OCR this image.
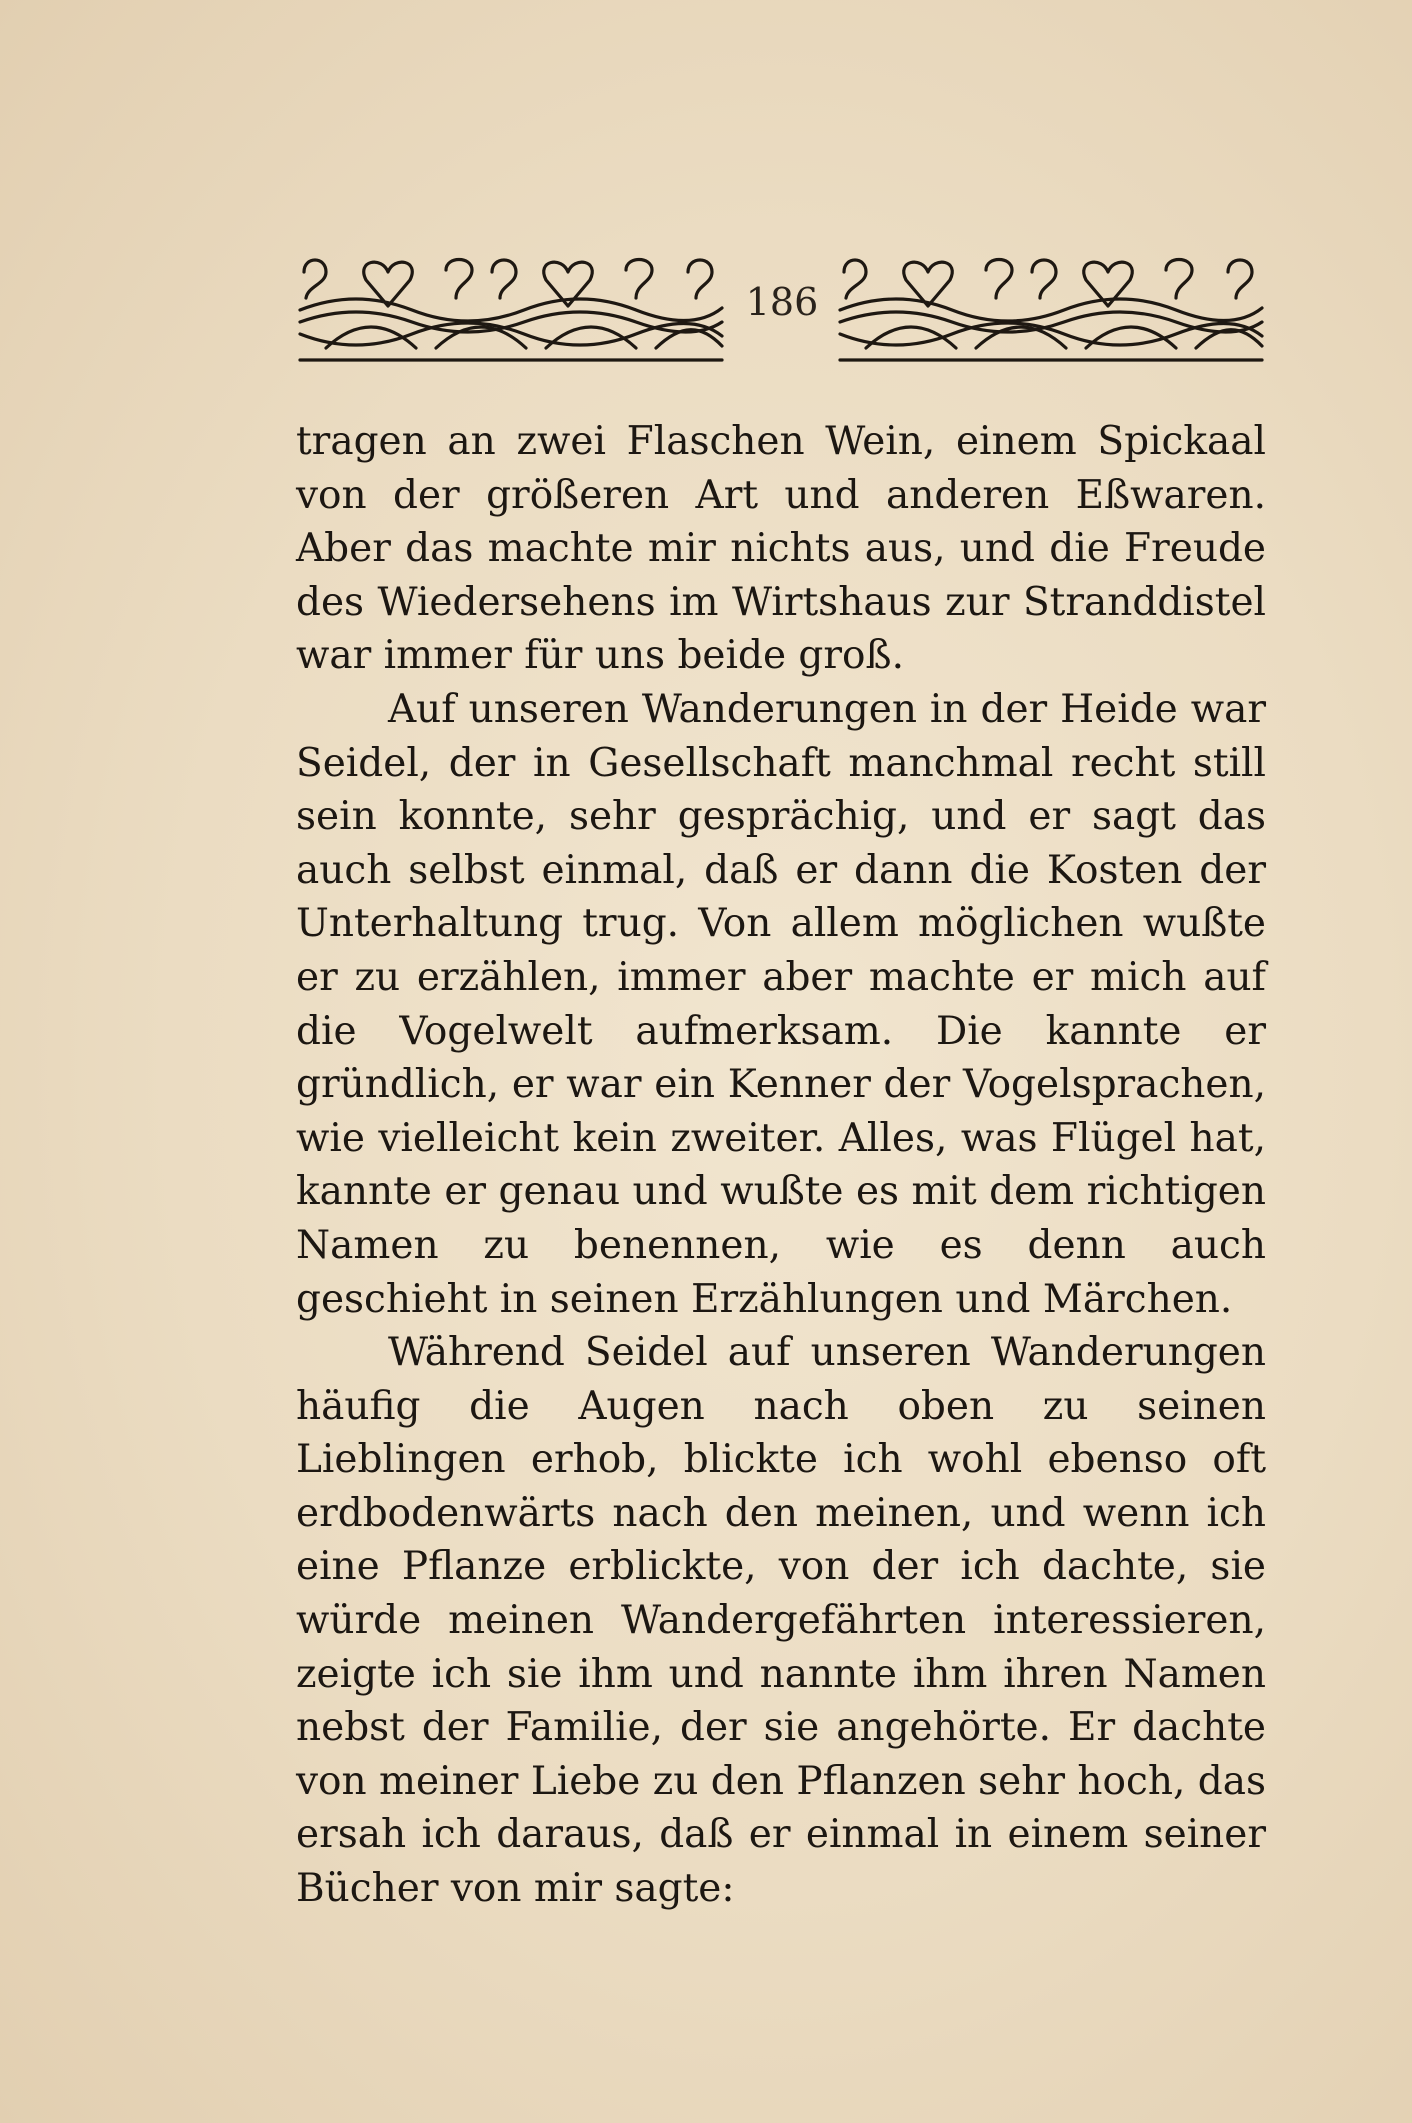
186

tragen an zwei Flaschen Wein, einem Spickaal von der größeren Art und anderen Eßwaren. Aber das machte mir nichts aus, und die Freude des Wiedersehens im Wirtshaus zur Stranddistel war immer für uns beide groß.

Auf unseren Wanderungen in der Heide war Seidel, der in Gesellschaft manchmal recht still sein konnte, sehr gesprächig, und er sagt das auch selbst einmal, daß er dann die Kosten der Unterhaltung trug. Von allem möglichen wußte er zu erzählen, immer aber machte er mich auf die Vogelwelt aufmerksam. Die kannte er gründlich, er war ein Kenner der Vogelsprachen, wie vielleicht kein zweiter. Alles, was Flügel hat, kannte er genau und wußte es mit dem richtigen Namen zu benennen, wie es denn auch geschieht in seinen Erzählungen und Märchen.

Während Seidel auf unseren Wanderungen häufig die Augen nach oben zu seinen Lieblingen erhob, blickte ich wohl ebenso oft erdbodenwärts nach den meinen, und wenn ich eine Pflanze erblickte, von der ich dachte, sie würde meinen Wandergefährten interessieren, zeigte ich sie ihm und nannte ihm ihren Namen nebst der Familie, der sie angehörte. Er dachte von meiner Liebe zu den Pflanzen sehr hoch, das ersah ich daraus, daß er einmal in einem seiner Bücher von mir sagte:
